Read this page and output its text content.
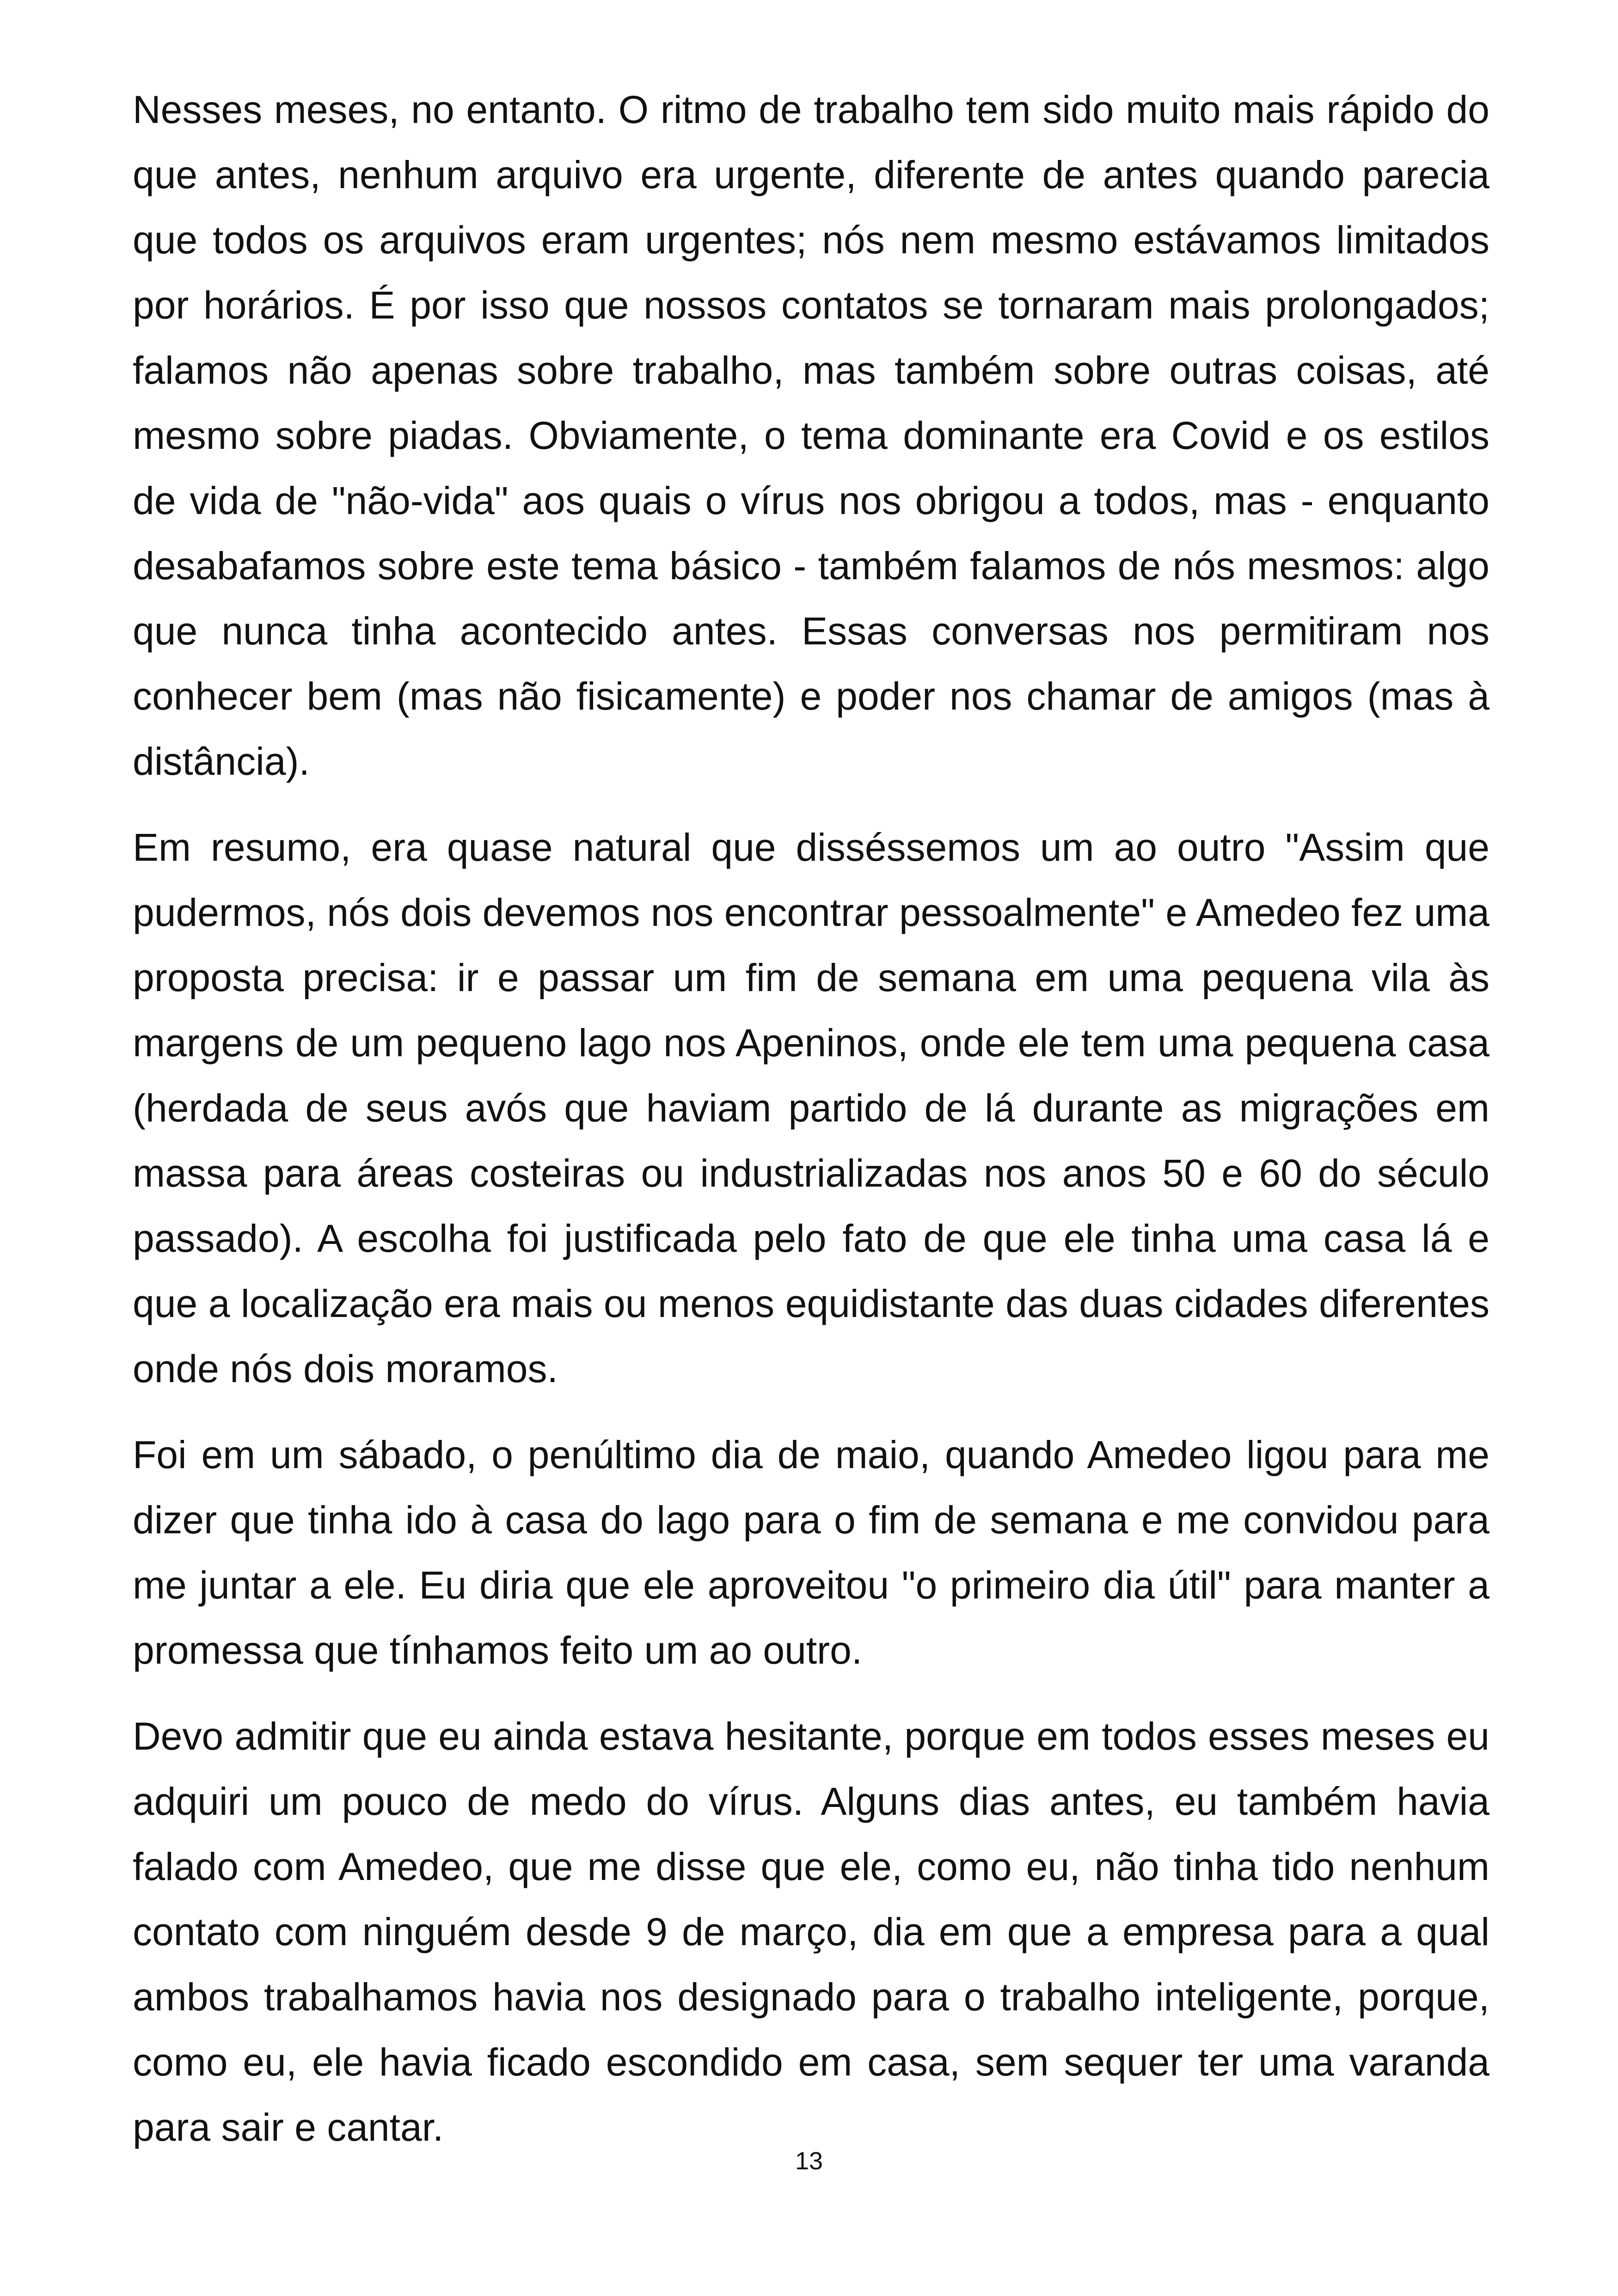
Nesses meses, no entanto. O ritmo de trabalho tem sido muito mais rápido do que antes, nenhum arquivo era urgente, diferente de antes quando parecia que todos os arquivos eram urgentes; nós nem mesmo estávamos limitados por horários. É por isso que nossos contatos se tornaram mais prolongados; falamos não apenas sobre trabalho, mas também sobre outras coisas, até mesmo sobre piadas. Obviamente, o tema dominante era Covid e os estilos de vida de "não-vida" aos quais o vírus nos obrigou a todos, mas - enquanto desabafamos sobre este tema básico - também falamos de nós mesmos: algo que nunca tinha acontecido antes. Essas conversas nos permitiram nos conhecer bem (mas não fisicamente) e poder nos chamar de amigos (mas à distância).

Em resumo, era quase natural que disséssemos um ao outro "Assim que pudermos, nós dois devemos nos encontrar pessoalmente" e Amedeo fez uma proposta precisa: ir e passar um fim de semana em uma pequena vila às margens de um pequeno lago nos Apeninos, onde ele tem uma pequena casa (herdada de seus avós que haviam partido de lá durante as migrações em massa para áreas costeiras ou industrializadas nos anos 50 e 60 do século passado). A escolha foi justificada pelo fato de que ele tinha uma casa lá e que a localização era mais ou menos equidistante das duas cidades diferentes onde nós dois moramos.

Foi em um sábado, o penúltimo dia de maio, quando Amedeo ligou para me dizer que tinha ido à casa do lago para o fim de semana e me convidou para me juntar a ele. Eu diria que ele aproveitou "o primeiro dia útil" para manter a promessa que tínhamos feito um ao outro.

Devo admitir que eu ainda estava hesitante, porque em todos esses meses eu adquiri um pouco de medo do vírus. Alguns dias antes, eu também havia falado com Amedeo, que me disse que ele, como eu, não tinha tido nenhum contato com ninguém desde 9 de março, dia em que a empresa para a qual ambos trabalhamos havia nos designado para o trabalho inteligente, porque, como eu, ele havia ficado escondido em casa, sem sequer ter uma varanda para sair e cantar.

13
